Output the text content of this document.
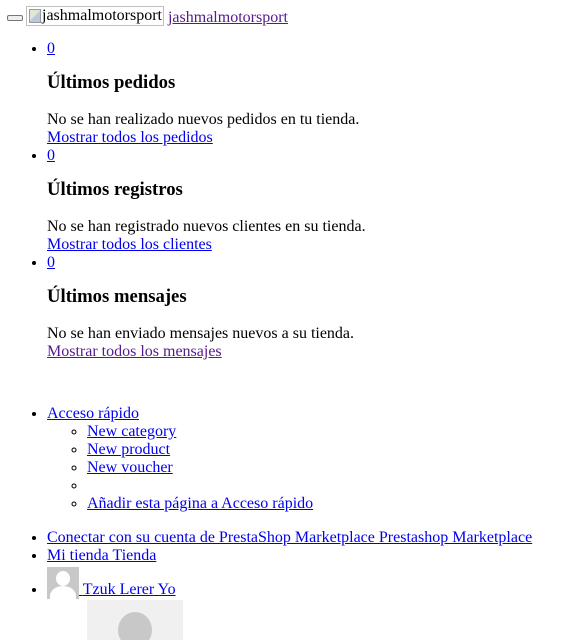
jashmalmotorsport jashmalmotorsport
• 0
Últimos pedidos

No se han realizado nuevos pedidos en tu tienda.

Mostrar todos los pedidos
• 0
Últimos registros

No se han registrado nuevos clientes en su tienda.

Mostrar todos los clientes
• 0
Últimos mensajes

No se han enviado mensajes nuevos a su tienda.

Mostrar todos los mensajes
• Acceso rápido
◦ New category
◦ New product
◦ New voucher
◦
◦ Añadir esta página a Acceso rápido
• Conectar con su cuenta de PrestaShop Marketplace Prestashop Marketplace
• Mi tienda Tienda
•
Tzuk Lerer Yo
